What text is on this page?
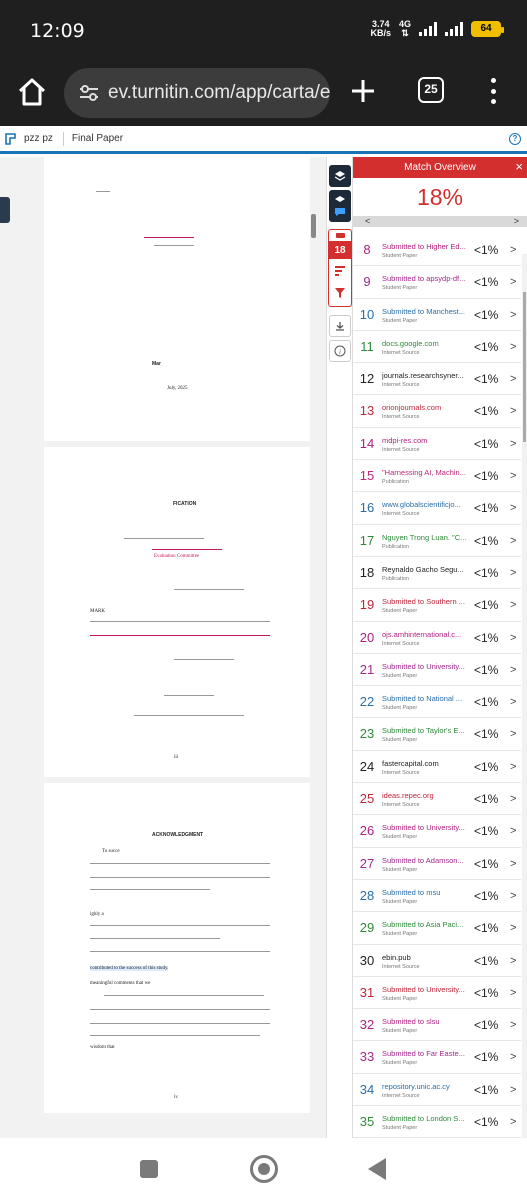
12:09	3.74
KB/s
4G
⇅	64
ev.turnitin.com/app/carta/e	25
pzz pz Final Paper	?
Mar
July, 2025
FICATION
Evaluation Committee
MARK
iii
ACKNOWLEDGMENT
To succe
ighly a
contributed to the success of this study.
meaningful comments that we
wisdom that
iv
18
i
Match Overview	×
18%
<	>
8	Submitted to Higher Ed...
Student Paper	<1% >
9	Submitted to apsydp-df...
Student Paper	<1% >
10	Submitted to Manchest...
Student Paper	<1% >
11	docs.google.com
Internet Source	<1% >
12	journals.researchsyner...
Internet Source	<1% >
13	orionjournals.com
Internet Source	<1% >
14	mdpi-res.com
Internet Source	<1% >
15	"Harnessing AI, Machin...
Publication	<1% >
16	www.globalscientificjo...
Internet Source	<1% >
17	Nguyen Trong Luan. "C...
Publication	<1% >
18	Reynaldo Gacho Segu...
Publication	<1% >
19	Submitted to Southern ...
Student Paper	<1% >
20	ojs.amhinternational.c...
Internet Source	<1% >
21	Submitted to University...
Student Paper	<1% >
22	Submitted to National ...
Student Paper	<1% >
23	Submitted to Taylor's E...
Student Paper	<1% >
24	fastercapital.com
Internet Source	<1% >
25	ideas.repec.org
Internet Source	<1% >
26	Submitted to University...
Student Paper	<1% >
27	Submitted to Adamson...
Student Paper	<1% >
28	Submitted to msu
Student Paper	<1% >
29	Submitted to Asia Paci...
Student Paper	<1% >
30	ebin.pub
Internet Source	<1% >
31	Submitted to University...
Student Paper	<1% >
32	Submitted to slsu
Student Paper	<1% >
33	Submitted to Far Easte...
Student Paper	<1% >
34	repository.unic.ac.cy
Internet Source	<1% >
35	Submitted to London S...
Student Paper	<1% >
